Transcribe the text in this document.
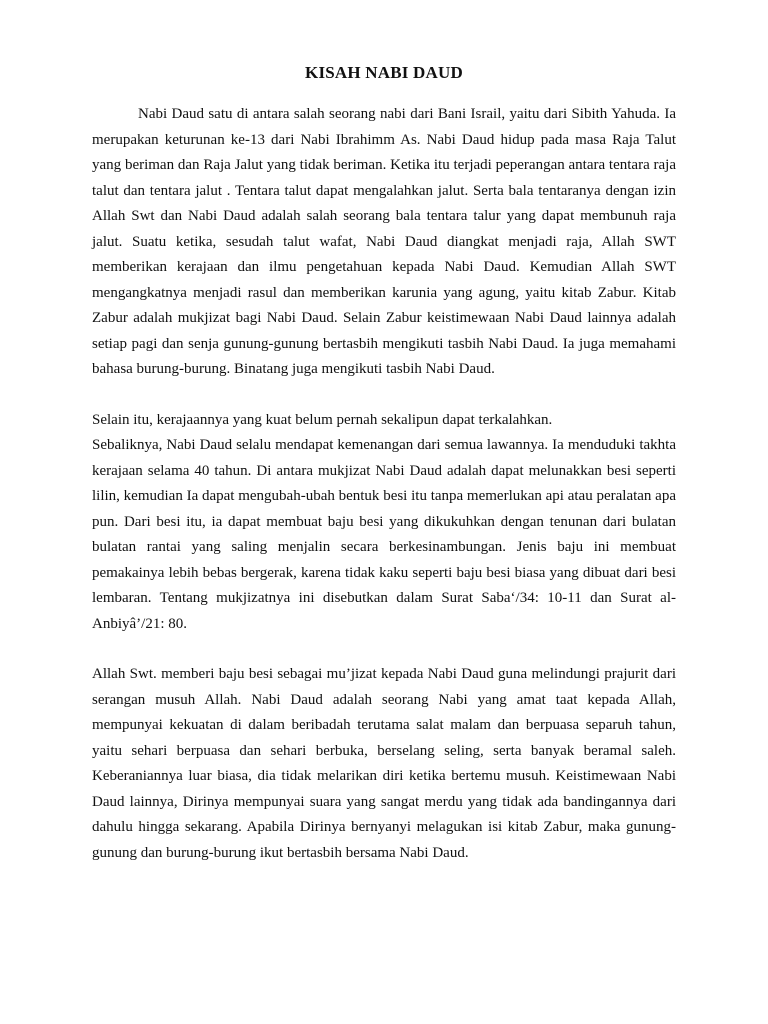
KISAH NABI DAUD

Nabi Daud satu di antara salah seorang nabi dari Bani Israil, yaitu dari Sibith Yahuda. Ia merupakan keturunan ke-13 dari Nabi Ibrahimm As. Nabi Daud hidup pada masa Raja Talut yang beriman dan Raja Jalut yang tidak beriman. Ketika itu terjadi peperangan antara tentara raja talut dan tentara jalut . Tentara talut dapat mengalahkan jalut. Serta bala tentaranya dengan izin Allah Swt dan Nabi Daud adalah salah seorang bala tentara talur yang dapat membunuh raja jalut. Suatu ketika, sesudah talut wafat, Nabi Daud diangkat menjadi raja, Allah SWT memberikan kerajaan dan ilmu pengetahuan kepada Nabi Daud. Kemudian Allah SWT mengangkatnya menjadi rasul dan memberikan karunia yang agung, yaitu kitab Zabur. Kitab Zabur adalah mukjizat bagi Nabi Daud. Selain Zabur keistimewaan Nabi Daud lainnya adalah setiap pagi dan senja gunung-gunung bertasbih mengikuti tasbih Nabi Daud. Ia juga memahami bahasa burung-burung. Binatang juga mengikuti tasbih Nabi Daud.

Selain itu, kerajaannya yang kuat belum pernah sekalipun dapat terkalahkan.

Sebaliknya, Nabi Daud selalu mendapat kemenangan dari semua lawannya. Ia menduduki takhta kerajaan selama 40 tahun. Di antara mukjizat Nabi Daud adalah dapat melunakkan besi seperti lilin, kemudian Ia dapat mengubah-ubah bentuk besi itu tanpa memerlukan api atau peralatan apa pun. Dari besi itu, ia dapat membuat baju besi yang dikukuhkan dengan tenunan dari bulatan bulatan rantai yang saling menjalin secara berkesinambungan. Jenis baju ini membuat pemakainya lebih bebas bergerak, karena tidak kaku seperti baju besi biasa yang dibuat dari besi lembaran. Tentang mukjizatnya ini disebutkan dalam Surat Saba‘/34: 10-11 dan Surat al-Anbiyâ’/21: 80.

Allah Swt. memberi baju besi sebagai mu’jizat kepada Nabi Daud guna melindungi prajurit dari serangan musuh Allah. Nabi Daud adalah seorang Nabi yang amat taat kepada Allah, mempunyai kekuatan di dalam beribadah terutama salat malam dan berpuasa separuh tahun, yaitu sehari berpuasa dan sehari berbuka, berselang seling, serta banyak beramal saleh. Keberaniannya luar biasa, dia tidak melarikan diri ketika bertemu musuh. Keistimewaan Nabi Daud lainnya, Dirinya mempunyai suara yang sangat merdu yang tidak ada bandingannya dari dahulu hingga sekarang. Apabila Dirinya bernyanyi melagukan isi kitab Zabur, maka gunung-gunung dan burung-burung ikut bertasbih bersama Nabi Daud.
